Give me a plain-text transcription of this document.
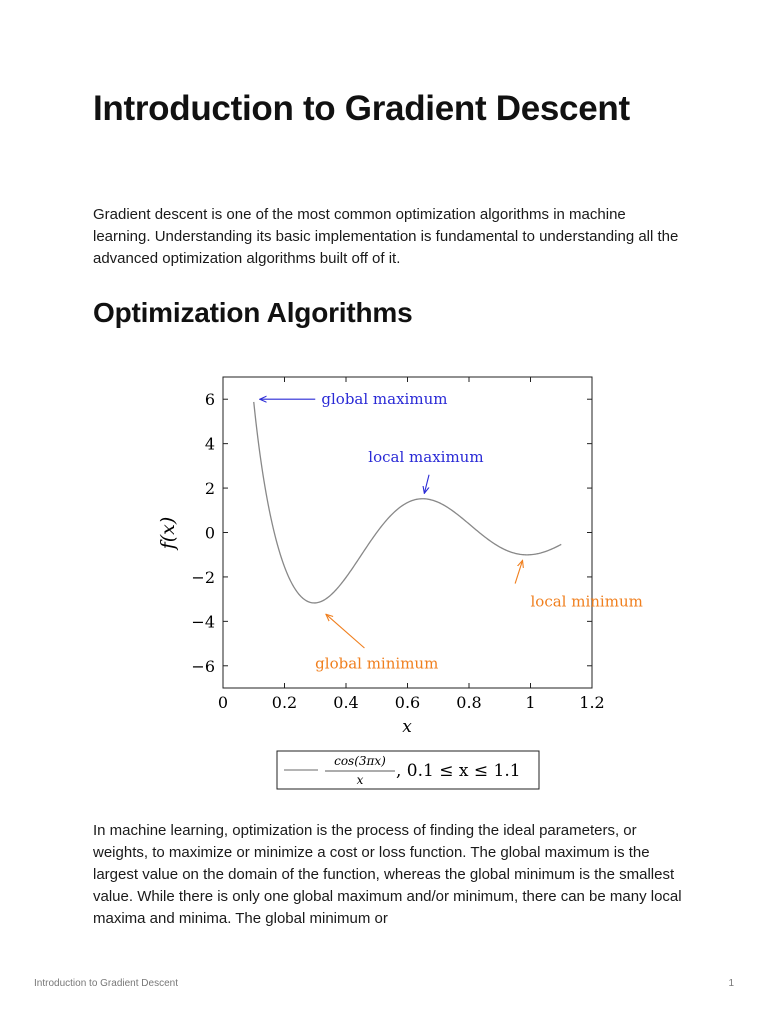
Introduction to Gradient Descent

Gradient descent is one of the most common optimization algorithms in machine learning. Understanding its basic implementation is fundamental to understanding all the advanced optimization algorithms built off of it.

Optimization Algorithms
0	0.2 0.4 0.6 0.8	1	1.2
6
4
2
0
−2
−4
−6
global maximum
local maximum
local minimum
global minimum
x
f(x)
cos(3πx)
x , 0.1 ≤ x ≤ 1.1

In machine learning, optimization is the process of finding the ideal parameters, or weights, to maximize or minimize a cost or loss function. The global maximum is the largest value on the domain of the function, whereas the global minimum is the smallest value. While there is only one global maximum and/or minimum, there can be many local maxima and minima. The global minimum or

Introduction to Gradient Descent	1
